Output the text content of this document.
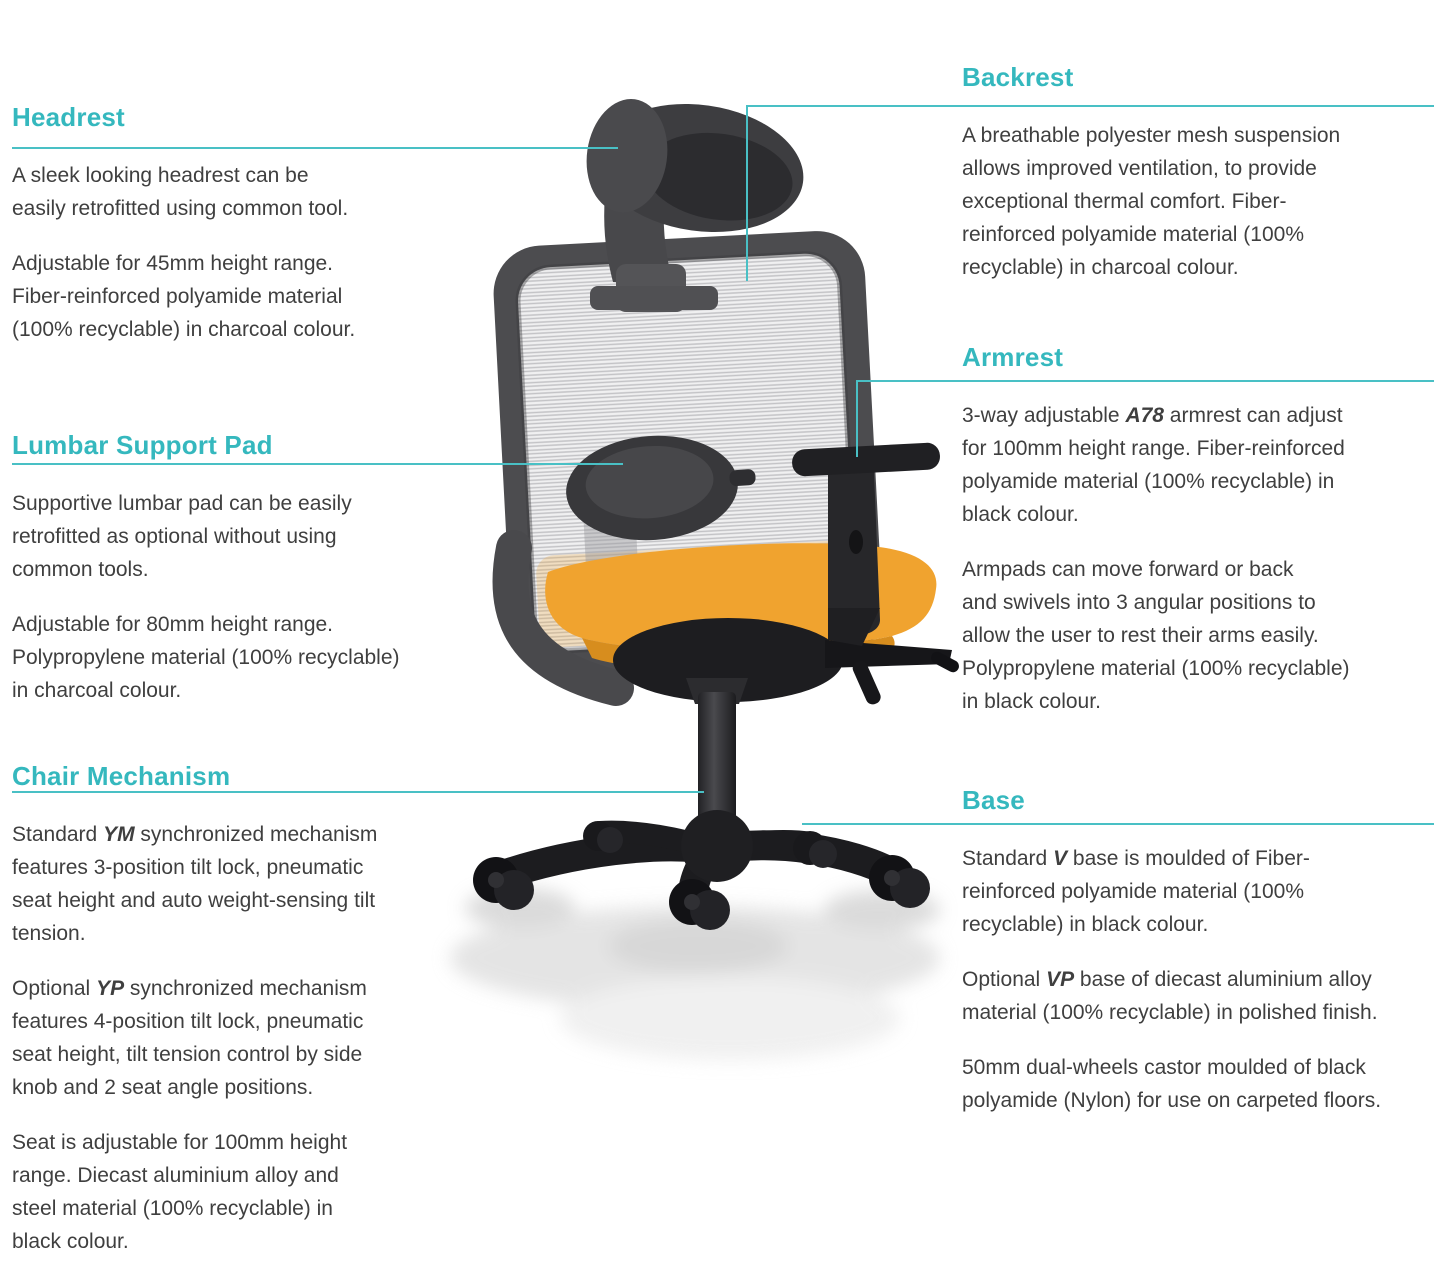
Headrest

A sleek looking headrest can be
easily retrofitted using common tool.

Adjustable for 45mm height range.
Fiber-reinforced polyamide material
(100% recyclable) in charcoal colour.

Lumbar Support Pad

Supportive lumbar pad can be easily
retrofitted as optional without using
common tools.

Adjustable for 80mm height range.
Polypropylene material (100% recyclable)
in charcoal colour.

Chair Mechanism

Standard YM synchronized mechanism
features 3-position tilt lock, pneumatic
seat height and auto weight-sensing tilt
tension.

Optional YP synchronized mechanism
features 4-position tilt lock, pneumatic
seat height, tilt tension control by side
knob and 2 seat angle positions.

Seat is adjustable for 100mm height
range. Diecast aluminium alloy and
steel material (100% recyclable) in
black colour.

Backrest

A breathable polyester mesh suspension
allows improved ventilation, to provide
exceptional thermal comfort. Fiber-
reinforced polyamide material (100%
recyclable) in charcoal colour.

Armrest

3-way adjustable A78 armrest can adjust
for 100mm height range. Fiber-reinforced
polyamide material (100% recyclable) in
black colour.

Armpads can move forward or back
and swivels into 3 angular positions to
allow the user to rest their arms easily.
Polypropylene material (100% recyclable)
in black colour.

Base

Standard V base is moulded of Fiber-
reinforced polyamide material (100%
recyclable) in black colour.

Optional VP base of diecast aluminium alloy
material (100% recyclable) in polished finish.

50mm dual-wheels castor moulded of black
polyamide (Nylon) for use on carpeted floors.
